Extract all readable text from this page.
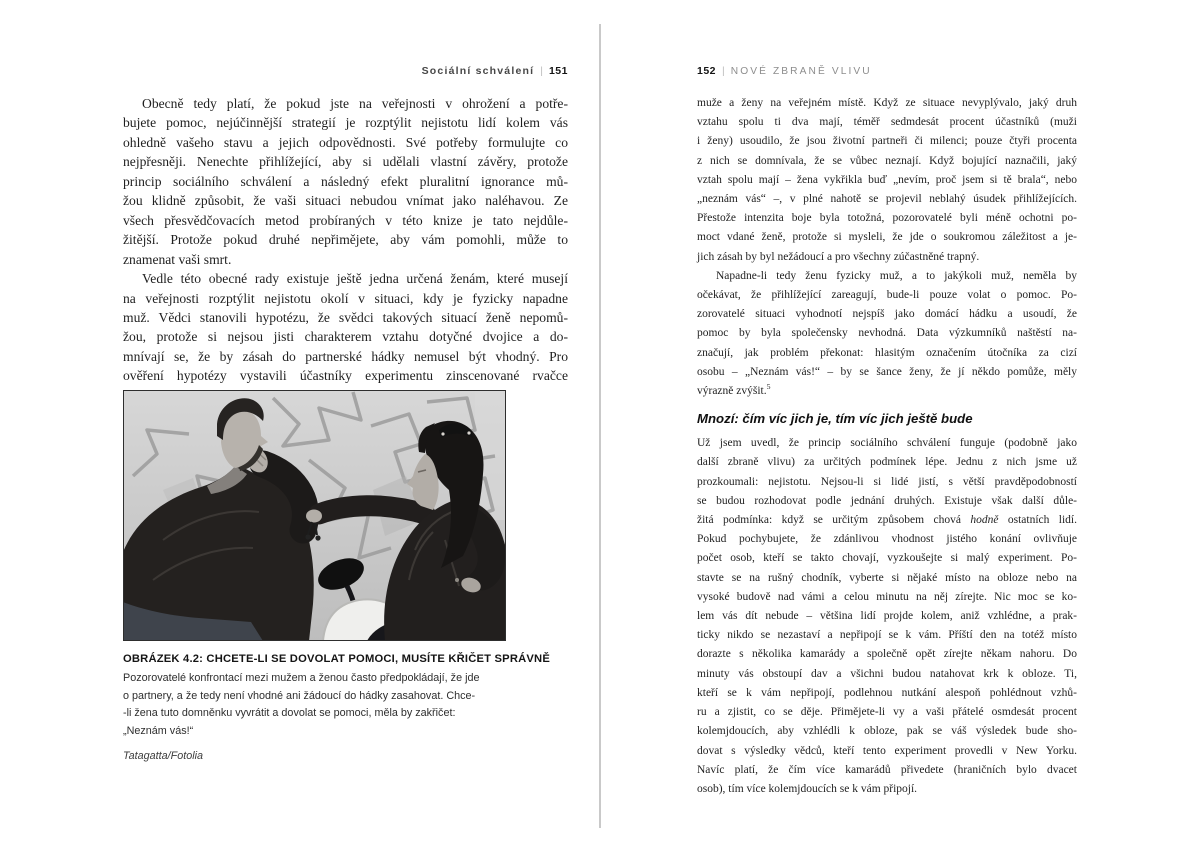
Sociální schválení | 151
Obecně tedy platí, že pokud jste na veřejnosti v ohrožení a potře-
bujete pomoc, nejúčinnější strategií je rozptýlit nejistotu lidí kolem vás
ohledně vašeho stavu a jejich odpovědnosti. Své potřeby formulujte co
nejpřesněji. Nenechte přihlížející, aby si udělali vlastní závěry, protože
princip sociálního schválení a následný efekt pluralitní ignorance mů-
žou klidně způsobit, že vaši situaci nebudou vnímat jako naléhavou. Ze
všech přesvědčovacích metod probíraných v této knize je tato nejdůle-
žitější. Protože pokud druhé nepřimějete, aby vám pomohli, může to
znamenat vaši smrt.
Vedle této obecné rady existuje ještě jedna určená ženám, které musejí
na veřejnosti rozptýlit nejistotu okolí v situaci, kdy je fyzicky napadne
muž. Vědci stanovili hypotézu, že svědci takových situací ženě nepomů-
žou, protože si nejsou jisti charakterem vztahu dotyčné dvojice a do-
mnívají se, že by zásah do partnerské hádky nemusel být vhodný. Pro
ověření hypotézy vystavili účastníky experimentu zinscenované rvačce
OBRÁZEK 4.2: CHCETE-LI SE DOVOLAT POMOCI, MUSÍTE KŘIČET SPRÁVNĚ
Pozorovatelé konfrontací mezi mužem a ženou často předpokládají, že jde
o partnery, a že tedy není vhodné ani žádoucí do hádky zasahovat. Chce-
-li žena tuto domněnku vyvrátit a dovolat se pomoci, měla by zakřičet:
„Neznám vás!“
Tatagatta/Fotolia
152 | NOVÉ ZBRANĚ VLIVU
muže a ženy na veřejném místě. Když ze situace nevyplývalo, jaký druh
vztahu spolu ti dva mají, téměř sedmdesát procent účastníků (muži
i ženy) usoudilo, že jsou životní partneři či milenci; pouze čtyři procenta
z nich se domnívala, že se vůbec neznají. Když bojující naznačili, jaký
vztah spolu mají – žena vykřikla buď „nevím, proč jsem si tě brala“, nebo
„neznám vás“ –, v plné nahotě se projevil neblahý úsudek přihlížejících.
Přestože intenzita boje byla totožná, pozorovatelé byli méně ochotni po-
moct vdané ženě, protože si mysleli, že jde o soukromou záležitost a je-
jich zásah by byl nežádoucí a pro všechny zúčastněné trapný.
Napadne-li tedy ženu fyzicky muž, a to jakýkoli muž, neměla by
očekávat, že přihlížející zareagují, bude-li pouze volat o pomoc. Po-
zorovatelé situaci vyhodnotí nejspíš jako domácí hádku a usoudí, že
pomoc by byla společensky nevhodná. Data výzkumníků naštěstí na-
značují, jak problém překonat: hlasitým označením útočníka za cizí
osobu – „Neznám vás!“ – by se šance ženy, že jí někdo pomůže, měly
výrazně zvýšit.$^5$
Mnozí: čím víc jich je, tím víc jich ještě bude
Už jsem uvedl, že princip sociálního schválení funguje (podobně jako
další zbraně vlivu) za určitých podmínek lépe. Jednu z nich jsme už
prozkoumali: nejistotu. Nejsou-li si lidé jistí, s větší pravděpodobností
se budou rozhodovat podle jednání druhých. Existuje však další důle-
žitá podmínka: když se určitým způsobem chová hodně ostatních lidí.
Pokud pochybujete, že zdánlivou vhodnost jistého konání ovlivňuje
počet osob, kteří se takto chovají, vyzkoušejte si malý experiment. Po-
stavte se na rušný chodník, vyberte si nějaké místo na obloze nebo na
vysoké budově nad vámi a celou minutu na něj zírejte. Nic moc se ko-
lem vás dít nebude – většina lidí projde kolem, aniž vzhlédne, a prak-
ticky nikdo se nezastaví a nepřipojí se k vám. Příští den na totéž místo
dorazte s několika kamarády a společně opět zírejte někam nahoru. Do
minuty vás obstoupí dav a všichni budou natahovat krk k obloze. Ti,
kteří se k vám nepřipojí, podlehnou nutkání alespoň pohlédnout vzhů-
ru a zjistit, co se děje. Přimějete-li vy a vaši přátelé osmdesát procent
kolemjdoucích, aby vzhlédli k obloze, pak se váš výsledek bude sho-
dovat s výsledky vědců, kteří tento experiment provedli v New Yorku.
Navíc platí, že čím více kamarádů přivedete (hraničních bylo dvacet
osob), tím více kolemjdoucích se k vám připojí.
